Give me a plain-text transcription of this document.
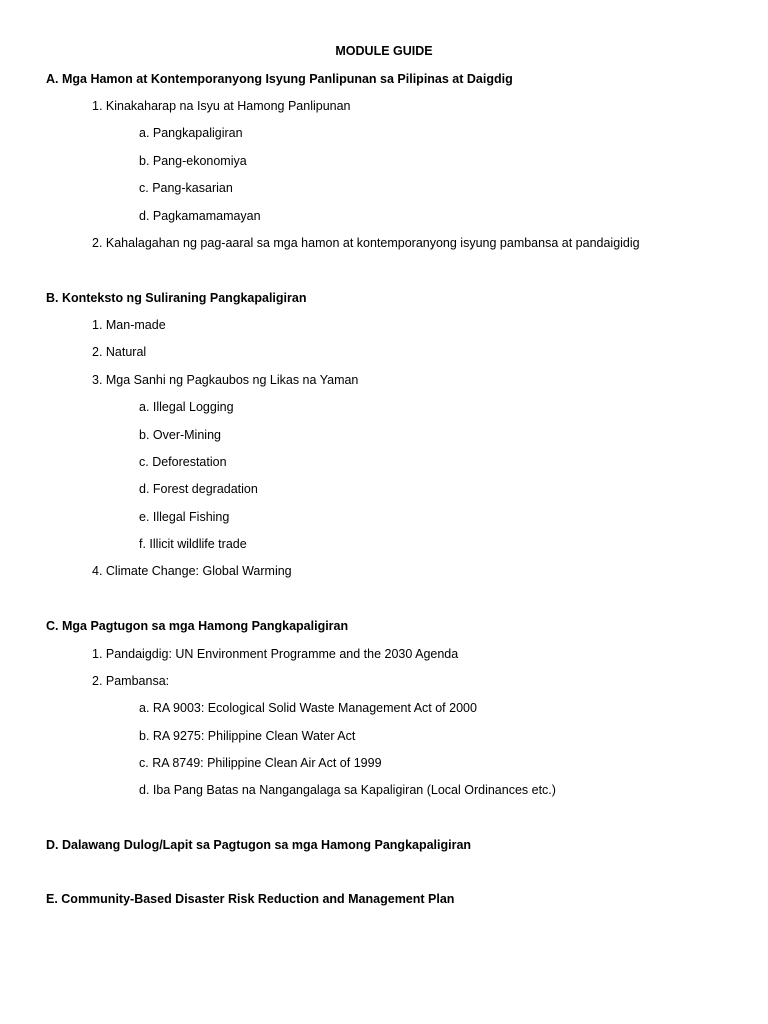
MODULE GUIDE
A. Mga Hamon at Kontemporanyong Isyung Panlipunan sa Pilipinas at Daigdig
1. Kinakaharap na Isyu at Hamong Panlipunan
a. Pangkapaligiran
b. Pang-ekonomiya
c. Pang-kasarian
d. Pagkamamamayan
2. Kahalagahan ng pag-aaral sa mga hamon at kontemporanyong isyung pambansa at pandaigidig
B. Konteksto ng Suliraning Pangkapaligiran
1. Man-made
2. Natural
3. Mga Sanhi ng Pagkaubos ng Likas na Yaman
a. Illegal Logging
b. Over-Mining
c. Deforestation
d. Forest degradation
e. Illegal Fishing
f. Illicit wildlife trade
4. Climate Change: Global Warming
C. Mga Pagtugon sa mga Hamong Pangkapaligiran
1. Pandaigdig: UN Environment Programme and the 2030 Agenda
2. Pambansa:
a. RA 9003: Ecological Solid Waste Management Act of 2000
b. RA 9275: Philippine Clean Water Act
c. RA 8749: Philippine Clean Air Act of 1999
d. Iba Pang Batas na Nangangalaga sa Kapaligiran (Local Ordinances etc.)
D. Dalawang Dulog/Lapit sa Pagtugon sa mga Hamong Pangkapaligiran
E. Community-Based Disaster Risk Reduction and Management Plan
